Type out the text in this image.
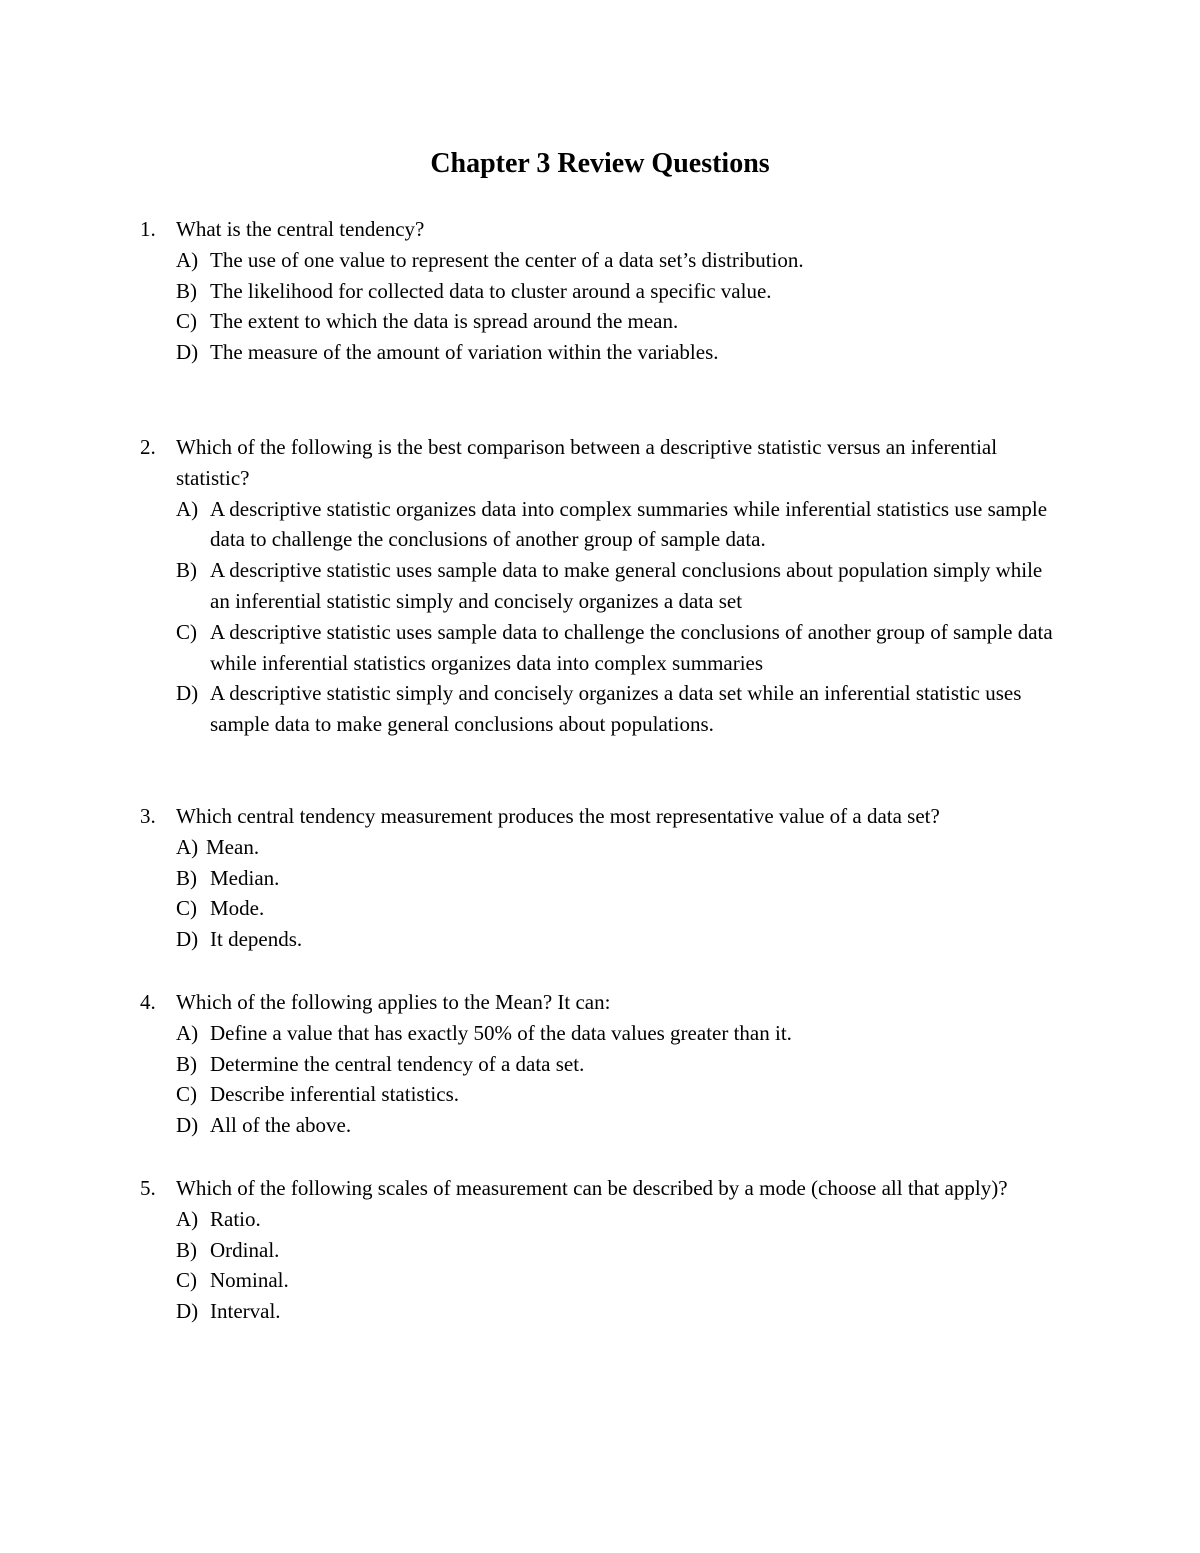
Chapter 3 Review Questions
1. What is the central tendency?
A) The use of one value to represent the center of a data set’s distribution.
B) The likelihood for collected data to cluster around a specific value.
C) The extent to which the data is spread around the mean.
D) The measure of the amount of variation within the variables.
2. Which of the following is the best comparison between a descriptive statistic versus an inferential statistic?
A) A descriptive statistic organizes data into complex summaries while inferential statistics use sample data to challenge the conclusions of another group of sample data.
B) A descriptive statistic uses sample data to make general conclusions about population simply while an inferential statistic simply and concisely organizes a data set
C) A descriptive statistic uses sample data to challenge the conclusions of another group of sample data while inferential statistics organizes data into complex summaries
D) A descriptive statistic simply and concisely organizes a data set while an inferential statistic uses sample data to make general conclusions about populations.
3. Which central tendency measurement produces the most representative value of a data set?
A) Mean.
B) Median.
C) Mode.
D) It depends.
4. Which of the following applies to the Mean? It can:
A) Define a value that has exactly 50% of the data values greater than it.
B) Determine the central tendency of a data set.
C) Describe inferential statistics.
D) All of the above.
5. Which of the following scales of measurement can be described by a mode (choose all that apply)?
A) Ratio.
B) Ordinal.
C) Nominal.
D) Interval.
